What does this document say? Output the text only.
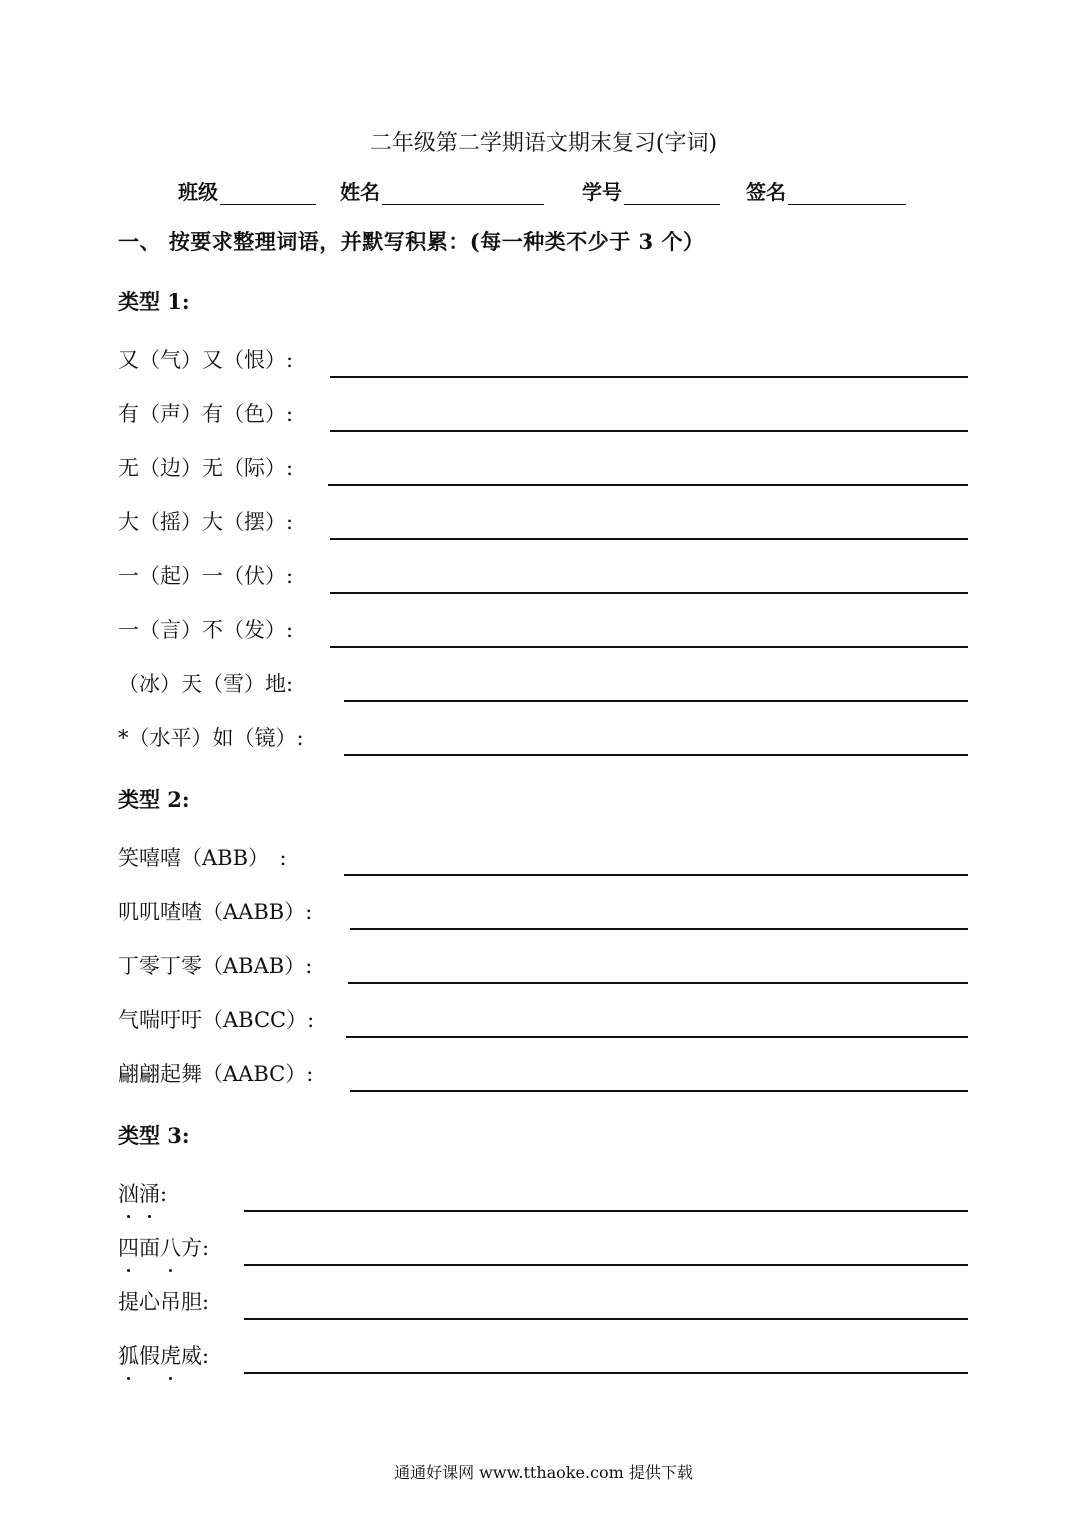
二年级第二学期语文期末复习(字词)
班级	姓名	学号	签名
一、 按要求整理词语，并默写积累：(每一种类不少于 3 个）
类型 1:
又（气）又（恨）:
有（声）有（色）:
无（边）无（际）:
大（摇）大（摆）:
一（起）一（伏）:
一（言）不（发）:
（冰）天（雪）地:
*（水平）如（镜）:
类型 2:
笑嘻嘻（ABB）　:
叽叽喳喳（AABB）:
丁零丁零（ABAB）:
气喘吁吁（ABCC）:
翩翩起舞（AABC）:
类型 3:
汹涌:
四面八方:
提心吊胆:
狐假虎威:
通通好课网 www.tthaoke.com 提供下载
